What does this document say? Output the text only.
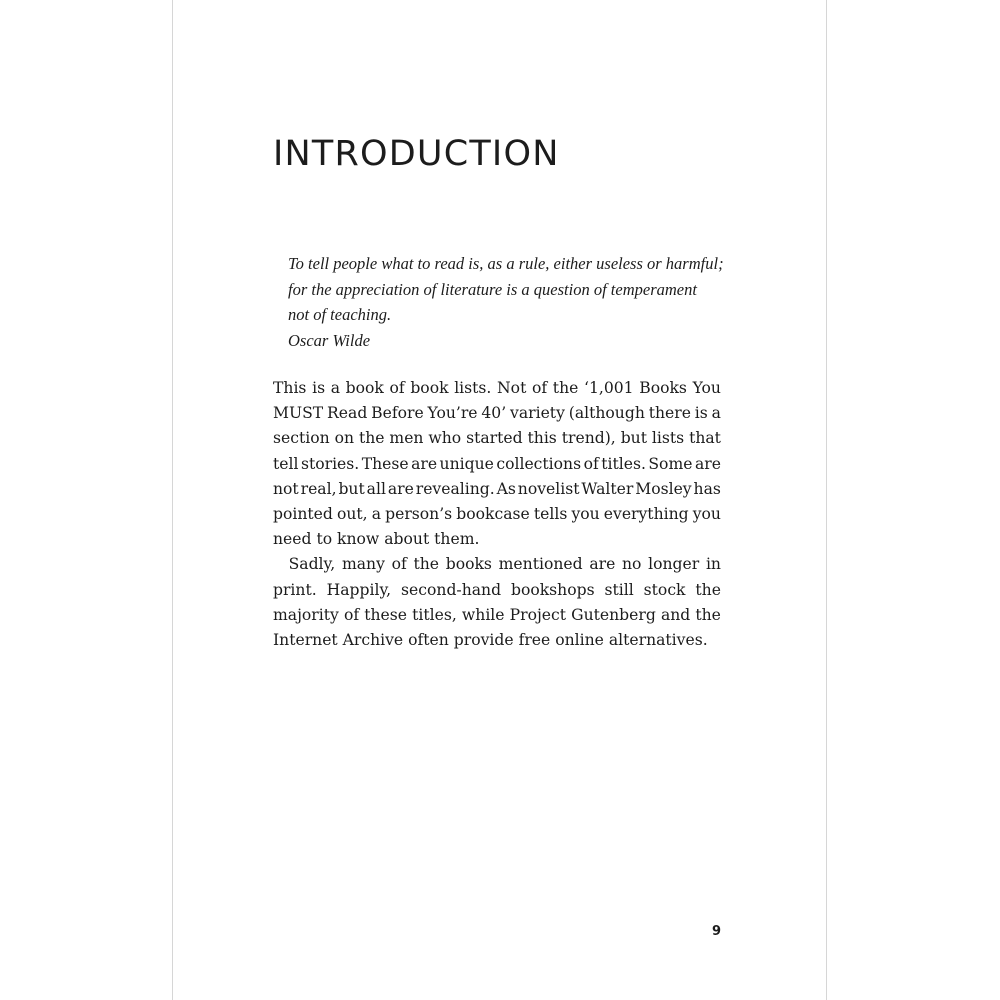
INTRODUCTION
To tell people what to read is, as a rule, either useless or harmful;
for the appreciation of literature is a question of temperament
not of teaching.
Oscar Wilde
This is a book of book lists. Not of the ‘1,001 Books You
MUST Read Before You’re 40’ variety (although there is a
section on the men who started this trend), but lists that
tell stories. These are unique collections of titles. Some are
not real, but all are revealing. As novelist Walter Mosley has
pointed out, a person’s bookcase tells you everything you
need to know about them.
Sadly, many of the books mentioned are no longer in
print. Happily, second-hand bookshops still stock the
majority of these titles, while Project Gutenberg and the
Internet Archive often provide free online alternatives.
9
